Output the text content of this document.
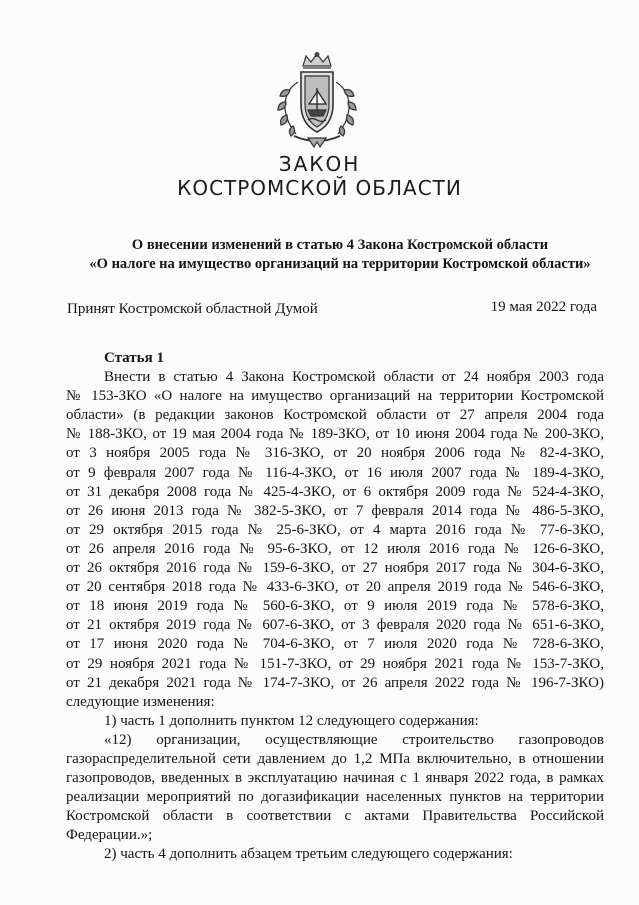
ЗАКОН
КОСТРОМСКОЙ ОБЛАСТИ
О внесении изменений в статью 4 Закона Костромской области
«О налоге на имущество организаций на территории Костромской области»
Принят Костромской областной Думой	19 мая 2022 года

Статья 1

Внести в статью 4 Закона Костромской области от 24 ноября 2003 года
№ 153-ЗКО «О налоге на имущество организаций на территории Костромской
области» (в редакции законов Костромской области от 27 апреля 2004 года
№ 188-ЗКО, от 19 мая 2004 года № 189-ЗКО, от 10 июня 2004 года № 200-ЗКО,
от 3 ноября 2005 года № 316-ЗКО, от 20 ноября 2006 года № 82-4-ЗКО,
от 9 февраля 2007 года № 116-4-ЗКО, от 16 июля 2007 года № 189-4-ЗКО,
от 31 декабря 2008 года № 425-4-ЗКО, от 6 октября 2009 года № 524-4-ЗКО,
от 26 июня 2013 года № 382-5-ЗКО, от 7 февраля 2014 года № 486-5-ЗКО,
от 29 октября 2015 года № 25-6-ЗКО, от 4 марта 2016 года № 77-6-ЗКО,
от 26 апреля 2016 года № 95-6-ЗКО, от 12 июля 2016 года № 126-6-ЗКО,
от 26 октября 2016 года № 159-6-ЗКО, от 27 ноября 2017 года № 304-6-ЗКО,
от 20 сентября 2018 года № 433-6-ЗКО, от 20 апреля 2019 года № 546-6-ЗКО,
от 18 июня 2019 года № 560-6-ЗКО, от 9 июля 2019 года № 578-6-ЗКО,
от 21 октября 2019 года № 607-6-ЗКО, от 3 февраля 2020 года № 651-6-ЗКО,
от 17 июня 2020 года № 704-6-ЗКО, от 7 июля 2020 года № 728-6-ЗКО,
от 29 ноября 2021 года № 151-7-ЗКО, от 29 ноября 2021 года № 153-7-ЗКО,
от 21 декабря 2021 года № 174-7-ЗКО, от 26 апреля 2022 года № 196-7-ЗКО)
следующие изменения:
1) часть 1 дополнить пунктом 12 следующего содержания:
«12) организации, осуществляющие строительство газопроводов
газораспределительной сети давлением до 1,2 МПа включительно, в отношении
газопроводов, введенных в эксплуатацию начиная с 1 января 2022 года, в рамках
реализации мероприятий по догазификации населенных пунктов на территории
Костромской области в соответствии с актами Правительства Российской
Федерации.»;
2) часть 4 дополнить абзацем третьим следующего содержания:
